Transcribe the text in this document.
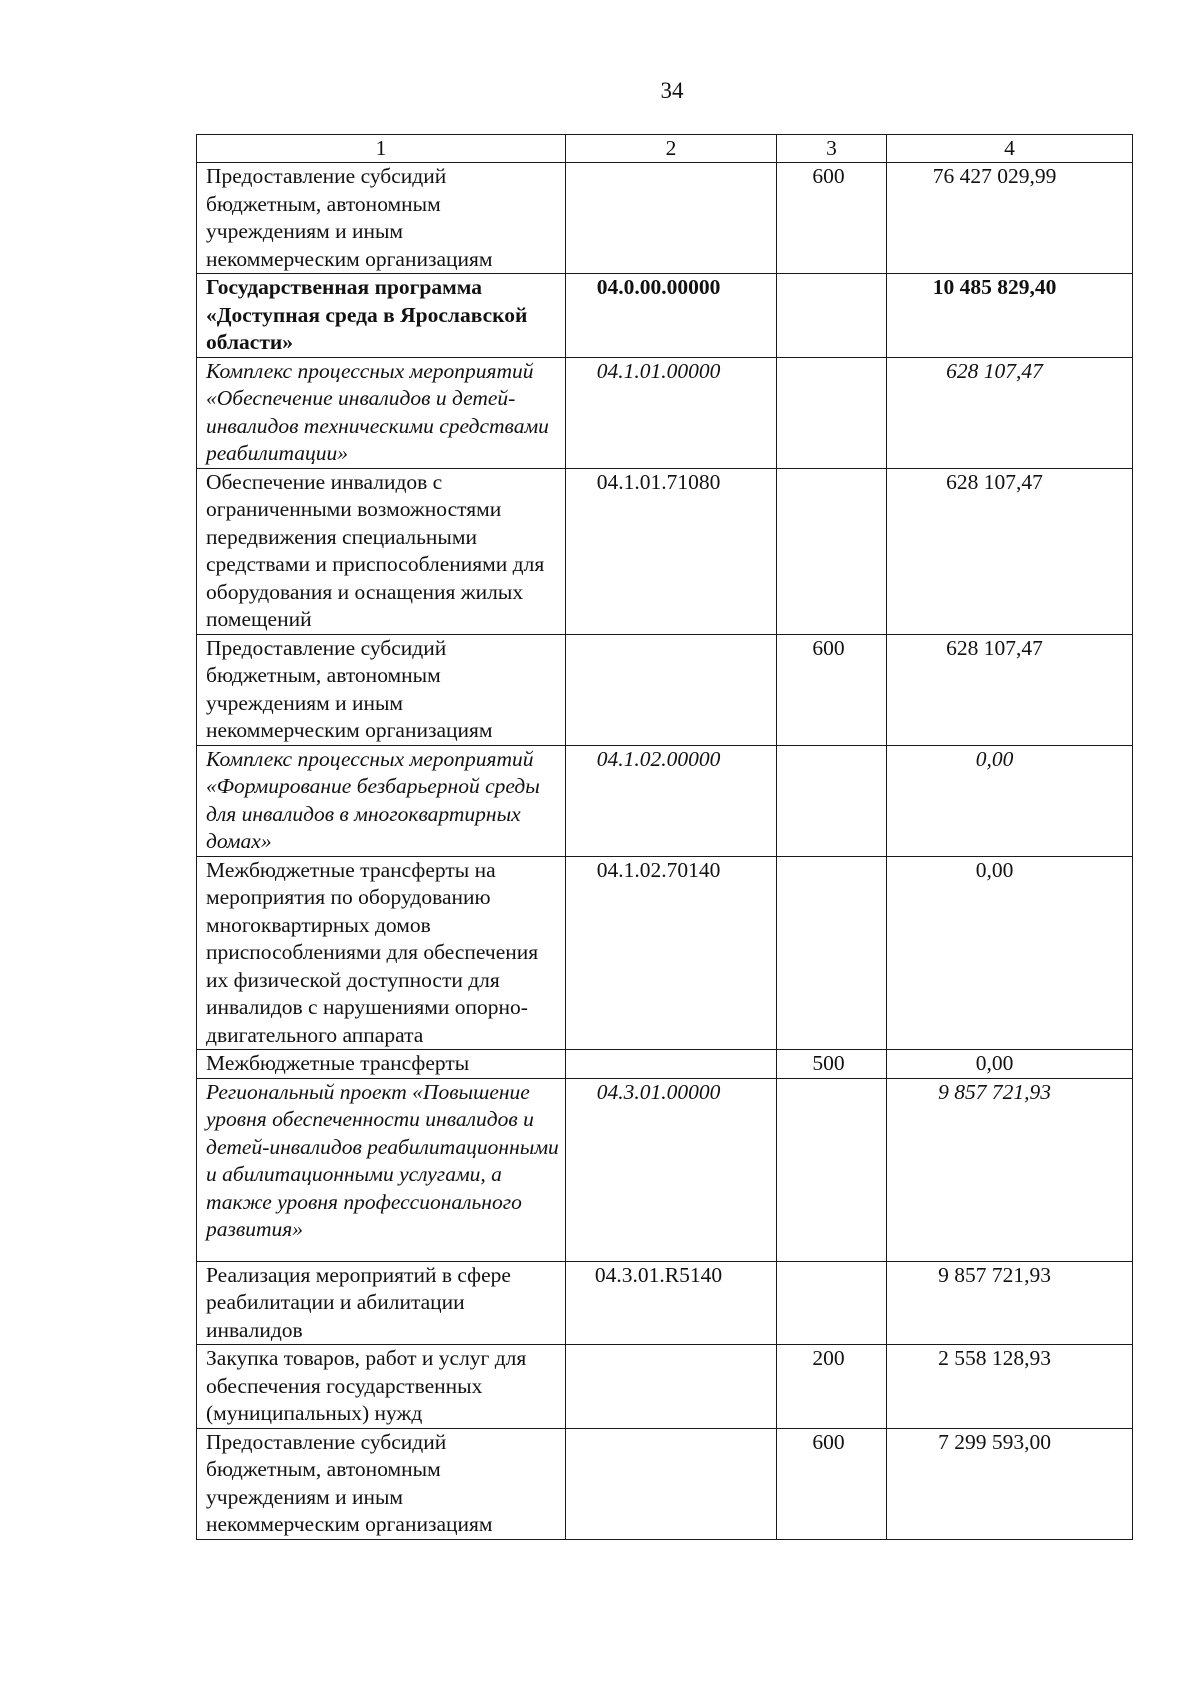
34
1	2	3	4
Предоставление субсидий бюджетным, автономным учреждениям и иным некоммерческим организациям		600	76 427 029,99
Государственная программа «Доступная среда в Ярославской области»	04.0.00.00000		10 485 829,40
Комплекс процессных мероприятий «Обеспечение инвалидов и детей-инвалидов техническими средствами реабилитации»	04.1.01.00000		628 107,47
Обеспечение инвалидов с ограниченными возможностями передвижения специальными средствами и приспособлениями для оборудования и оснащения жилых помещений	04.1.01.71080		628 107,47
Предоставление субсидий бюджетным, автономным учреждениям и иным некоммерческим организациям		600	628 107,47
Комплекс процессных мероприятий «Формирование безбарьерной среды для инвалидов в многоквартирных домах»	04.1.02.00000		0,00
Межбюджетные трансферты на мероприятия по оборудованию многоквартирных домов приспособлениями для обеспечения их физической доступности для инвалидов с нарушениями опорно-двигательного аппарата	04.1.02.70140		0,00
Межбюджетные трансферты		500	0,00
Региональный проект «Повышение уровня обеспеченности инвалидов и детей-инвалидов реабилитационными и абилитационными услугами, а также уровня профессионального развития»	04.3.01.00000		9 857 721,93
Реализация мероприятий в сфере реабилитации и абилитации инвалидов	04.3.01.R5140		9 857 721,93
Закупка товаров, работ и услуг для обеспечения государственных (муниципальных) нужд		200	2 558 128,93
Предоставление субсидий бюджетным, автономным учреждениям и иным некоммерческим организациям		600	7 299 593,00
